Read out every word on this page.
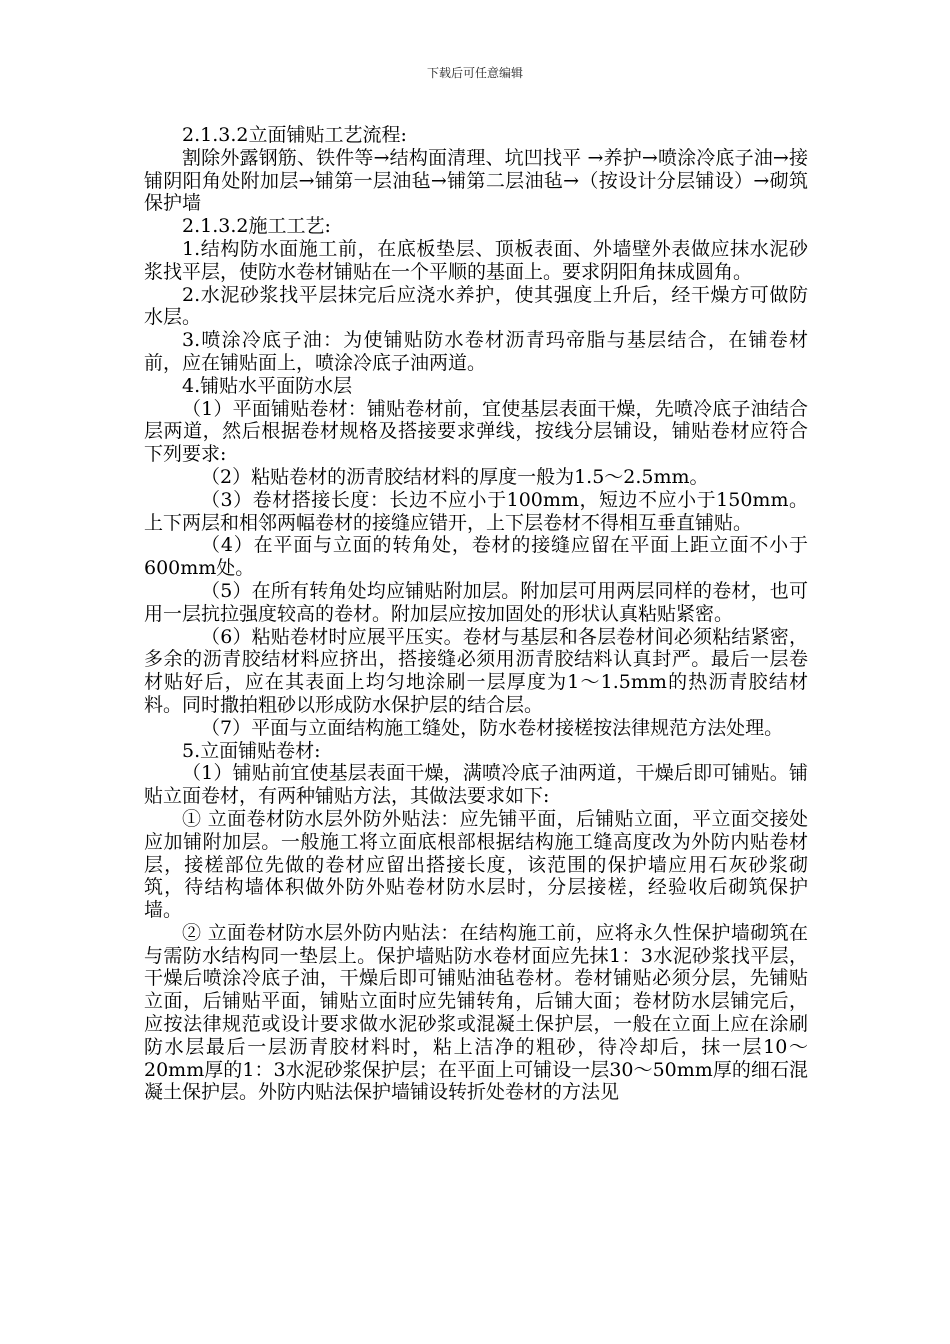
下载后可任意编辑

2.1.3.2立面铺贴工艺流程:

割除外露钢筋、铁件等→结构面清理、坑凹找平 →养护→喷涂冷底子油→接铺阴阳角处附加层→铺第一层油毡→铺第二层油毡→（按设计分层铺设）→砌筑保护墙

2.1.3.2施工工艺:

1.结构防水面施工前，在底板垫层、顶板表面、外墙壁外表做应抹水泥砂浆找平层，使防水卷材铺贴在一个平顺的基面上。要求阴阳角抹成圆角。

2.水泥砂浆找平层抹完后应浇水养护，使其强度上升后，经干燥方可做防水层。

3.喷涂冷底子油：为使铺贴防水卷材沥青玛帝脂与基层结合，在铺卷材前，应在铺贴面上，喷涂冷底子油两道。

4.铺贴水平面防水层

（1）平面铺贴卷材：铺贴卷材前，宜使基层表面干燥，先喷冷底子油结合层两道，然后根据卷材规格及搭接要求弹线，按线分层铺设，铺贴卷材应符合下列要求:

（2）粘贴卷材的沥青胶结材料的厚度一般为1.5～2.5mm。

（3）卷材搭接长度：长边不应小于100mm，短边不应小于150mm。上下两层和相邻两幅卷材的接缝应错开，上下层卷材不得相互垂直铺贴。

（4）在平面与立面的转角处，卷材的接缝应留在平面上距立面不小于600mm处。

（5）在所有转角处均应铺贴附加层。附加层可用两层同样的卷材，也可用一层抗拉强度较高的卷材。附加层应按加固处的形状认真粘贴紧密。

（6）粘贴卷材时应展平压实。卷材与基层和各层卷材间必须粘结紧密，多余的沥青胶结材料应挤出，搭接缝必须用沥青胶结料认真封严。最后一层卷材贴好后，应在其表面上均匀地涂刷一层厚度为1～1.5mm的热沥青胶结材料。同时撒拍粗砂以形成防水保护层的结合层。

（7）平面与立面结构施工缝处，防水卷材接槎按法律规范方法处理。

5.立面铺贴卷材:

（1）铺贴前宜使基层表面干燥，满喷冷底子油两道，干燥后即可铺贴。铺贴立面卷材，有两种铺贴方法，其做法要求如下:

① 立面卷材防水层外防外贴法：应先铺平面，后铺贴立面，平立面交接处应加铺附加层。一般施工将立面底根部根据结构施工缝高度改为外防内贴卷材层，接槎部位先做的卷材应留出搭接长度，该范围的保护墙应用石灰砂浆砌筑，待结构墙体积做外防外贴卷材防水层时，分层接槎，经验收后砌筑保护墙。

② 立面卷材防水层外防内贴法：在结构施工前，应将永久性保护墙砌筑在与需防水结构同一垫层上。保护墙贴防水卷材面应先抹1：3水泥砂浆找平层，干燥后喷涂冷底子油，干燥后即可铺贴油毡卷材。卷材铺贴必须分层，先铺贴立面，后铺贴平面，铺贴立面时应先铺转角，后铺大面；卷材防水层铺完后，应按法律规范或设计要求做水泥砂浆或混凝土保护层，一般在立面上应在涂刷防水层最后一层沥青胶材料时，粘上洁净的粗砂，待冷却后，抹一层10～20mm厚的1：3水泥砂浆保护层；在平面上可铺设一层30～50mm厚的细石混凝土保护层。外防内贴法保护墙铺设转折处卷材的方法见
